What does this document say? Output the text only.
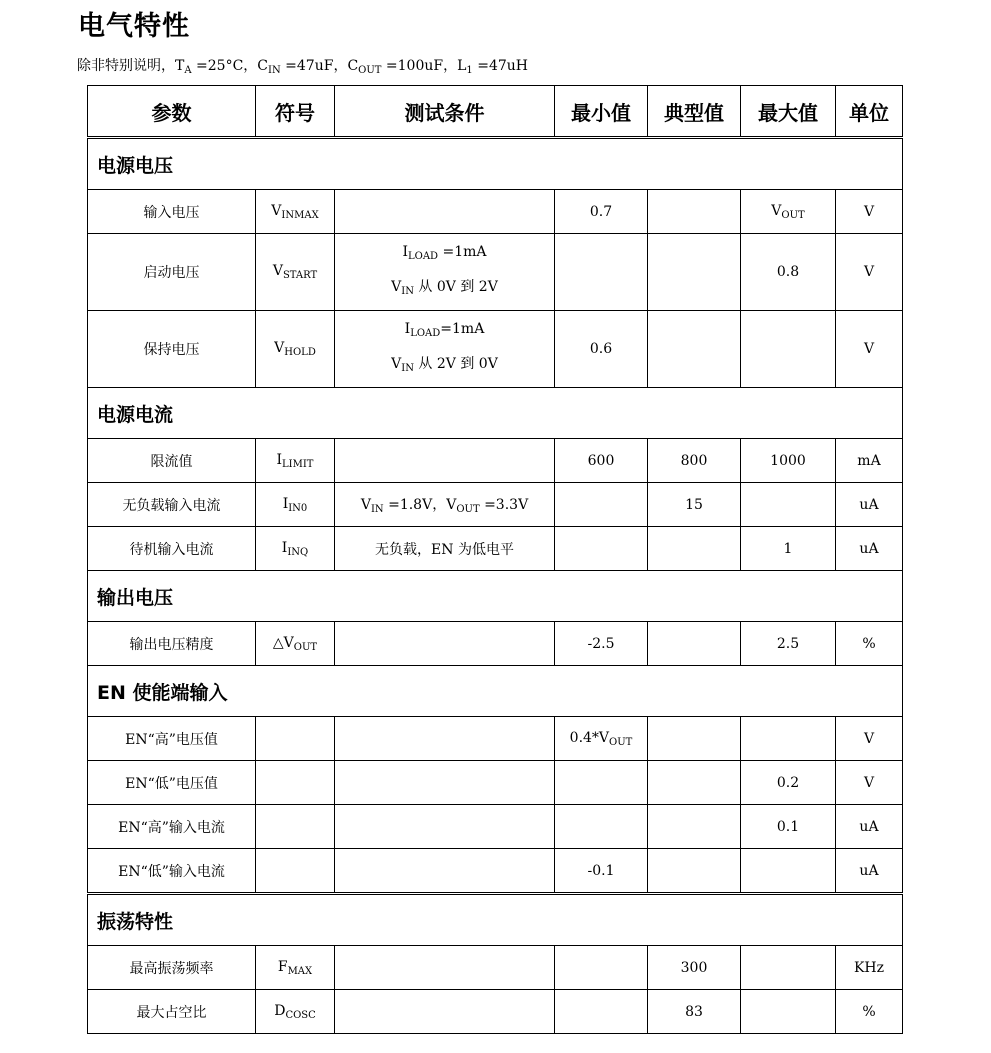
电气特性
除非特别说明，$T_A =25^\circ C$，$C_{IN} =47uF$，$C_{OUT} =100uF$，$L_1 =47uH$
参数	符号	测试条件	最小值	典型值	最大值	单位
电源电压						
输入电压	$V_{INMAX}$		0.7		$V_{OUT}$	V
启动电压	$V_{START}$	$I_{LOAD} =1mA$
$V_{IN}$ 从 0V 到 2V			0.8	V
保持电压	$V_{HOLD}$	$I_{LOAD}=1mA$
$V_{IN}$ 从 2V 到 0V	0.6			V
电源电流						
限流值	$I_{LIMIT}$		600	800	1000	mA
无负载输入电流	$I_{IN0}$	$V_{IN} =1.8V$，$V_{OUT} =3.3V$		15		uA
待机输入电流	$I_{INQ}$	无负载，EN 为低电平			1	uA
输出电压						
输出电压精度	$\triangle V_{OUT}$		-2.5		2.5	%
EN 使能端输入						
EN“高”电压值			$0.4*V_{OUT}$			V
EN“低”电压值					0.2	V
EN“高”输入电流					0.1	uA
EN“低”输入电流			-0.1			uA
振荡特性						
最高振荡频率	$F_{MAX}$			300		KHz
最大占空比	$D_{COSC}$			83		%
